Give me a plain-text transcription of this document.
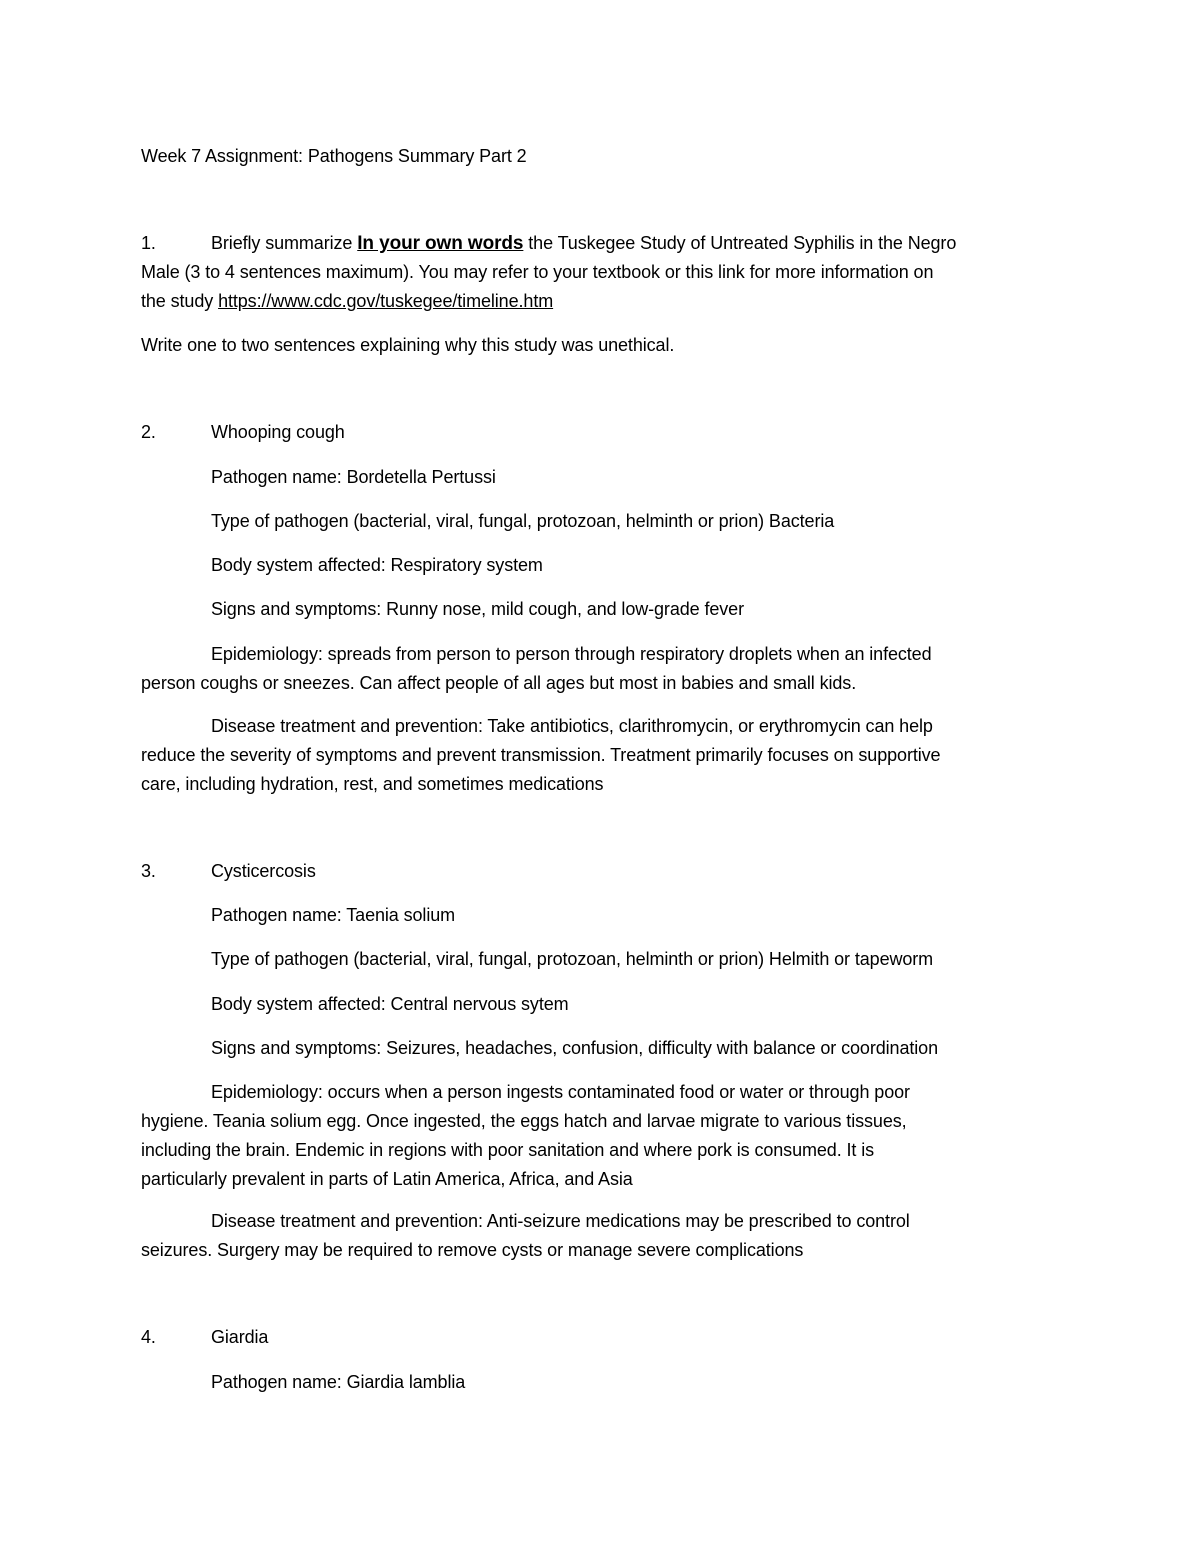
Week 7 Assignment: Pathogens Summary Part 2
1.	Briefly summarize In your own words the Tuskegee Study of Untreated Syphilis in the Negro
Male (3 to 4 sentences maximum). You may refer to your textbook or this link for more information on
the study https://www.cdc.gov/tuskegee/timeline.htm
Write one to two sentences explaining why this study was unethical.
2.	Whooping cough
Pathogen name: Bordetella Pertussi
Type of pathogen (bacterial, viral, fungal, protozoan, helminth or prion) Bacteria
Body system affected: Respiratory system
Signs and symptoms: Runny nose, mild cough, and low-grade fever
Epidemiology: spreads from person to person through respiratory droplets when an infected
person coughs or sneezes. Can affect people of all ages but most in babies and small kids.
Disease treatment and prevention: Take antibiotics, clarithromycin, or erythromycin can help
reduce the severity of symptoms and prevent transmission. Treatment primarily focuses on supportive
care, including hydration, rest, and sometimes medications
3.	Cysticercosis
Pathogen name: Taenia solium
Type of pathogen (bacterial, viral, fungal, protozoan, helminth or prion) Helmith or tapeworm
Body system affected: Central nervous sytem
Signs and symptoms: Seizures, headaches, confusion, difficulty with balance or coordination
Epidemiology: occurs when a person ingests contaminated food or water or through poor
hygiene. Teania solium egg. Once ingested, the eggs hatch and larvae migrate to various tissues,
including the brain. Endemic in regions with poor sanitation and where pork is consumed. It is
particularly prevalent in parts of Latin America, Africa, and Asia
Disease treatment and prevention: Anti-seizure medications may be prescribed to control
seizures. Surgery may be required to remove cysts or manage severe complications
4.	Giardia
Pathogen name: Giardia lamblia
